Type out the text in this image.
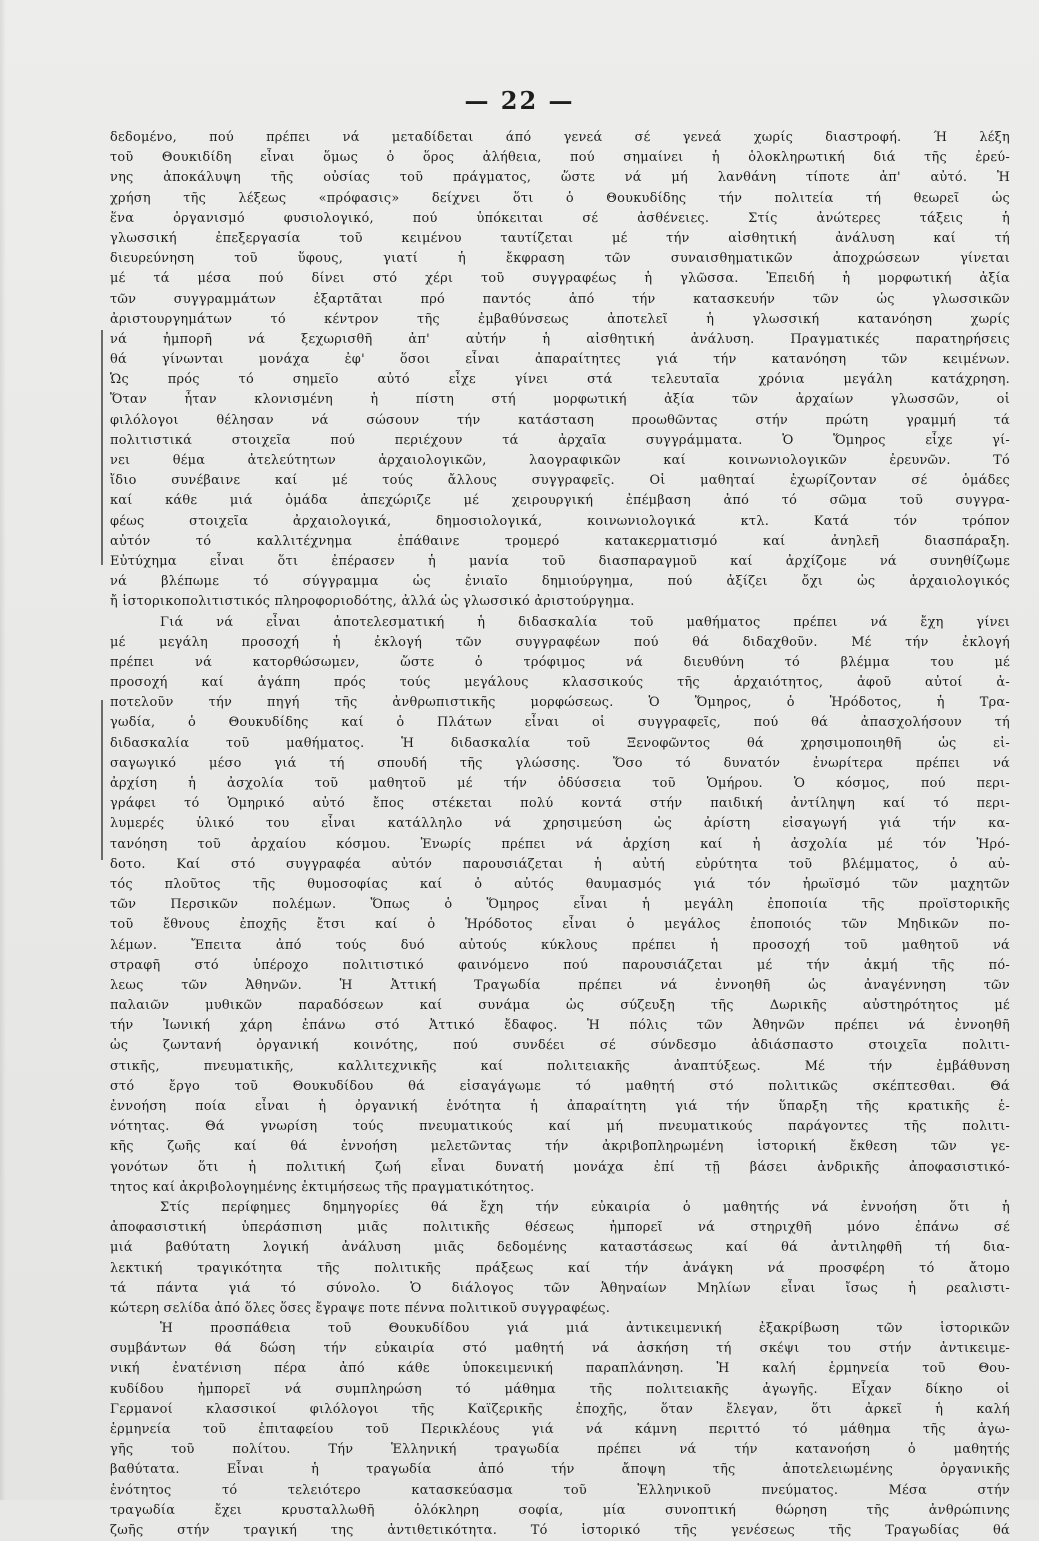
— 22 —
δεδομένο, πού πρέπει νά μεταδίδεται άπό γενεά σέ γενεά χωρίς διαστροφή. Ή λέξη
τοῦ Θουκιδίδη εἶναι ὅμως ὁ ὅρος ἀλήθεια, πού σημαίνει ἡ ὁλοκληρωτική διά τῆς ἐρεύ-
νης ἀποκάλυψη τῆς οὐσίας τοῦ πράγματος, ὥστε νά μή λανθάνη τίποτε ἀπ' αὐτό. Ἡ
χρήση τῆς λέξεως «πρόφασις» δείχνει ὅτι ὁ Θουκυδίδης τήν πολιτεία τή θεωρεῖ ὡς
ἕνα ὀργανισμό φυσιολογικό, πού ὑπόκειται σέ ἀσθένειες. Στίς ἀνώτερες τάξεις ἡ
γλωσσική ἐπεξεργασία τοῦ κειμένου ταυτίζεται μέ τήν αἰσθητική ἀνάλυση καί τή
διευρεύνηση τοῦ ὕφους, γιατί ἡ ἔκφραση τῶν συναισθηματικῶν ἀποχρώσεων γίνεται
μέ τά μέσα πού δίνει στό χέρι τοῦ συγγραφέως ἡ γλῶσσα. Ἐπειδή ἡ μορφωτική ἀξία
τῶν συγγραμμάτων ἐξαρτᾶται πρό παντός ἀπό τήν κατασκευήν τῶν ὡς γλωσσικῶν
ἀριστουργημάτων τό κέντρον τῆς ἐμβαθύνσεως ἀποτελεῖ ἡ γλωσσική κατανόηση χωρίς
νά ἠμπορῆ νά ξεχωρισθῆ ἀπ' αὐτήν ἡ αἰσθητική ἀνάλυση. Πραγματικές παρατηρήσεις
θά γίνωνται μονάχα ἐφ' ὅσοι εἶναι ἀπαραίτητες γιά τήν κατανόηση τῶν κειμένων.
Ὡς πρός τό σημεῖο αὐτό εἶχε γίνει στά τελευταῖα χρόνια μεγάλη κατάχρηση.
Ὅταν ἦταν κλονισμένη ἡ πίστη στή μορφωτική ἀξία τῶν ἀρχαίων γλωσσῶν, οἱ
φιλόλογοι θέλησαν νά σώσουν τήν κατάσταση προωθῶντας στήν πρώτη γραμμή τά
πολιτιστικά στοιχεῖα πού περιέχουν τά ἀρχαῖα συγγράμματα. Ὁ Ὅμηρος εἶχε γί-
νει θέμα ἀτελεύτητων ἀρχαιολογικῶν, λαογραφικῶν καί κοινωνιολογικῶν ἐρευνῶν. Τό
ἴδιο συνέβαινε καί μέ τούς ἄλλους συγγραφεῖς. Οἱ μαθηταί ἐχωρίζονταν σέ ὁμάδες
καί κάθε μιά ὁμάδα ἀπεχώριζε μέ χειρουργική ἐπέμβαση ἀπό τό σῶμα τοῦ συγγρα-
φέως στοιχεῖα ἀρχαιολογικά, δημοσιολογικά, κοινωνιολογικά κτλ. Κατά τόν τρόπον
αὐτόν τό καλλιτέχνημα ἐπάθαινε τρομερό κατακερματισμό καί ἀνηλεῆ διασπάραξη.
Εὐτύχημα εἶναι ὅτι ἐπέρασεν ἡ μανία τοῦ διασπαραγμοῦ καί ἀρχίζομε νά συνηθίζωμε
νά βλέπωμε τό σύγγραμμα ὡς ἑνιαῖο δημιούργημα, πού ἀξίζει ὄχι ὡς ἀρχαιολογικός
ἤ ἱστορικοπολιτιστικός πληροφοριοδότης, ἀλλά ὡς γλωσσικό ἀριστούργημα.
Γιά νά εἶναι ἀποτελεσματική ἡ διδασκαλία τοῦ μαθήματος πρέπει νά ἔχη γίνει
μέ μεγάλη προσοχή ἡ ἐκλογή τῶν συγγραφέων πού θά διδαχθοῦν. Μέ τήν ἐκλογή
πρέπει νά κατορθώσωμεν, ὥστε ὁ τρόφιμος νά διευθύνη τό βλέμμα του μέ
προσοχή καί ἀγάπη πρός τούς μεγάλους κλασσικούς τῆς ἀρχαιότητος, ἀφοῦ αὐτοί ἀ-
ποτελοῦν τήν πηγή τῆς ἀνθρωπιστικῆς μορφώσεως. Ὁ Ὅμηρος, ὁ Ἡρόδοτος, ἡ Τρα-
γωδία, ὁ Θουκυδίδης καί ὁ Πλάτων εἶναι οἱ συγγραφεῖς, πού θά ἀπασχολήσουν τή
διδασκαλία τοῦ μαθήματος. Ἡ διδασκαλία τοῦ Ξενοφῶντος θά χρησιμοποιηθῆ ὡς εἰ-
σαγωγικό μέσο γιά τή σπουδή τῆς γλώσσης. Ὅσο τό δυνατόν ἐνωρίτερα πρέπει νά
ἀρχίση ἡ ἀσχολία τοῦ μαθητοῦ μέ τήν ὀδύσσεια τοῦ Ὁμήρου. Ὁ κόσμος, πού περι-
γράφει τό Ὁμηρικό αὐτό ἔπος στέκεται πολύ κοντά στήν παιδική ἀντίληψη καί τό περι-
λυμερές ὑλικό του εἶναι κατάλληλο νά χρησιμεύση ὡς ἀρίστη εἰσαγωγή γιά τήν κα-
τανόηση τοῦ ἀρχαίου κόσμου. Ἐνωρίς πρέπει νά ἀρχίση καί ἡ ἀσχολία μέ τόν Ἡρό-
δοτο. Καί στό συγγραφέα αὐτόν παρουσιάζεται ἡ αὐτή εὐρύτητα τοῦ βλέμματος, ὁ αὐ-
τός πλοῦτος τῆς θυμοσοφίας καί ὁ αὐτός θαυμασμός γιά τόν ἡρωϊσμό τῶν μαχητῶν
τῶν Περσικῶν πολέμων. Ὅπως ὁ Ὅμηρος εἶναι ἡ μεγάλη ἐποποιία τῆς προϊστορικῆς
τοῦ ἔθνους ἐποχῆς ἔτσι καί ὁ Ἡρόδοτος εἶναι ὁ μεγάλος ἐποποιός τῶν Μηδικῶν πο-
λέμων. Ἔπειτα ἀπό τούς δυό αὐτούς κύκλους πρέπει ἡ προσοχή τοῦ μαθητοῦ νά
στραφῆ στό ὑπέροχο πολιτιστικό φαινόμενο πού παρουσιάζεται μέ τήν ἀκμή τῆς πό-
λεως τῶν Ἀθηνῶν. Ἡ Ἀττική Τραγωδία πρέπει νά ἐννοηθῆ ὡς ἀναγέννηση τῶν
παλαιῶν μυθικῶν παραδόσεων καί συνάμα ὡς σύζευξη τῆς Δωρικῆς αὐστηρότητος μέ
τήν Ἰωνική χάρη ἐπάνω στό Ἀττικό ἔδαφος. Ἡ πόλις τῶν Ἀθηνῶν πρέπει νά ἐννοηθῆ
ὡς ζωντανή ὀργανική κοινότης, πού συνδέει σέ σύνδεσμο ἀδιάσπαστο στοιχεῖα πολιτι-
στικῆς, πνευματικῆς, καλλιτεχνικῆς καί πολιτειακῆς ἀναπτύξεως. Μέ τήν ἐμβάθυνση
στό ἔργο τοῦ Θουκυδίδου θά εἰσαγάγωμε τό μαθητή στό πολιτικῶς σκέπτεσθαι. Θά
ἐννοήση ποία εἶναι ἡ ὀργανική ἑνότητα ἡ ἀπαραίτητη γιά τήν ὕπαρξη τῆς κρατικῆς ἑ-
νότητας. Θά γνωρίση τούς πνευματικούς καί μή πνευματικούς παράγοντες τῆς πολιτι-
κῆς ζωῆς καί θά ἐννοήση μελετῶντας τήν ἀκριβοπληρωμένη ἱστορική ἔκθεση τῶν γε-
γονότων ὅτι ἡ πολιτική ζωή εἶναι δυνατή μονάχα ἐπί τῇ βάσει ἀνδρικῆς ἀποφασιστικό-
τητος καί ἀκριβολογημένης ἐκτιμήσεως τῆς πραγματικότητος.
Στίς περίφημες δημηγορίες θά ἔχη τήν εὐκαιρία ὁ μαθητής νά ἐννοήση ὅτι ἡ
ἀποφασιστική ὑπεράσπιση μιᾶς πολιτικῆς θέσεως ἠμπορεῖ νά στηριχθῆ μόνο ἐπάνω σέ
μιά βαθύτατη λογική ἀνάλυση μιᾶς δεδομένης καταστάσεως καί θά ἀντιληφθῆ τή δια-
λεκτική τραγικότητα τῆς πολιτικῆς πράξεως καί τήν ἀνάγκη νά προσφέρη τό ἄτομο
τά πάντα γιά τό σύνολο. Ὁ διάλογος τῶν Ἀθηναίων Μηλίων εἶναι ἴσως ἡ ρεαλιστι-
κώτερη σελίδα ἀπό ὅλες ὅσες ἔγραψε ποτε πέννα πολιτικοῦ συγγραφέως.
Ἡ προσπάθεια τοῦ Θουκυδίδου γιά μιά ἀντικειμενική ἐξακρίβωση τῶν ἱστορικῶν
συμβάντων θά δώση τήν εὐκαιρία στό μαθητή νά ἀσκήση τή σκέψι του στήν ἀντικειμε-
νική ἐνατένιση πέρα ἀπό κάθε ὑποκειμενική παραπλάνηση. Ἡ καλή ἑρμηνεία τοῦ Θου-
κυδίδου ἠμπορεῖ νά συμπληρώση τό μάθημα τῆς πολιτειακῆς ἀγωγῆς. Εἶχαν δίκηο οἱ
Γερμανοί κλασσικοί φιλόλογοι τῆς Καϊζερικῆς ἐποχῆς, ὅταν ἔλεγαν, ὅτι ἀρκεῖ ἡ καλή
ἑρμηνεία τοῦ ἐπιταφείου τοῦ Περικλέους γιά νά κάμνη περιττό τό μάθημα τῆς ἀγω-
γῆς τοῦ πολίτου. Τήν Ἑλληνική τραγωδία πρέπει νά τήν κατανοήση ὁ μαθητής
βαθύτατα. Εἶναι ἡ τραγωδία ἀπό τήν ἄποψη τῆς ἀποτελειωμένης ὀργανικῆς
ἑνότητος τό τελειότερο κατασκεύασμα τοῦ Ἑλληνικοῦ πνεύματος. Μέσα στήν
τραγωδία ἔχει κρυσταλλωθῆ ὁλόκληρη σοφία, μία συνοπτική θώρηση τῆς ἀνθρώπινης
ζωῆς στήν τραγική της ἀντιθετικότητα. Τό ἱστορικό τῆς γενέσεως τῆς Τραγωδίας θά
